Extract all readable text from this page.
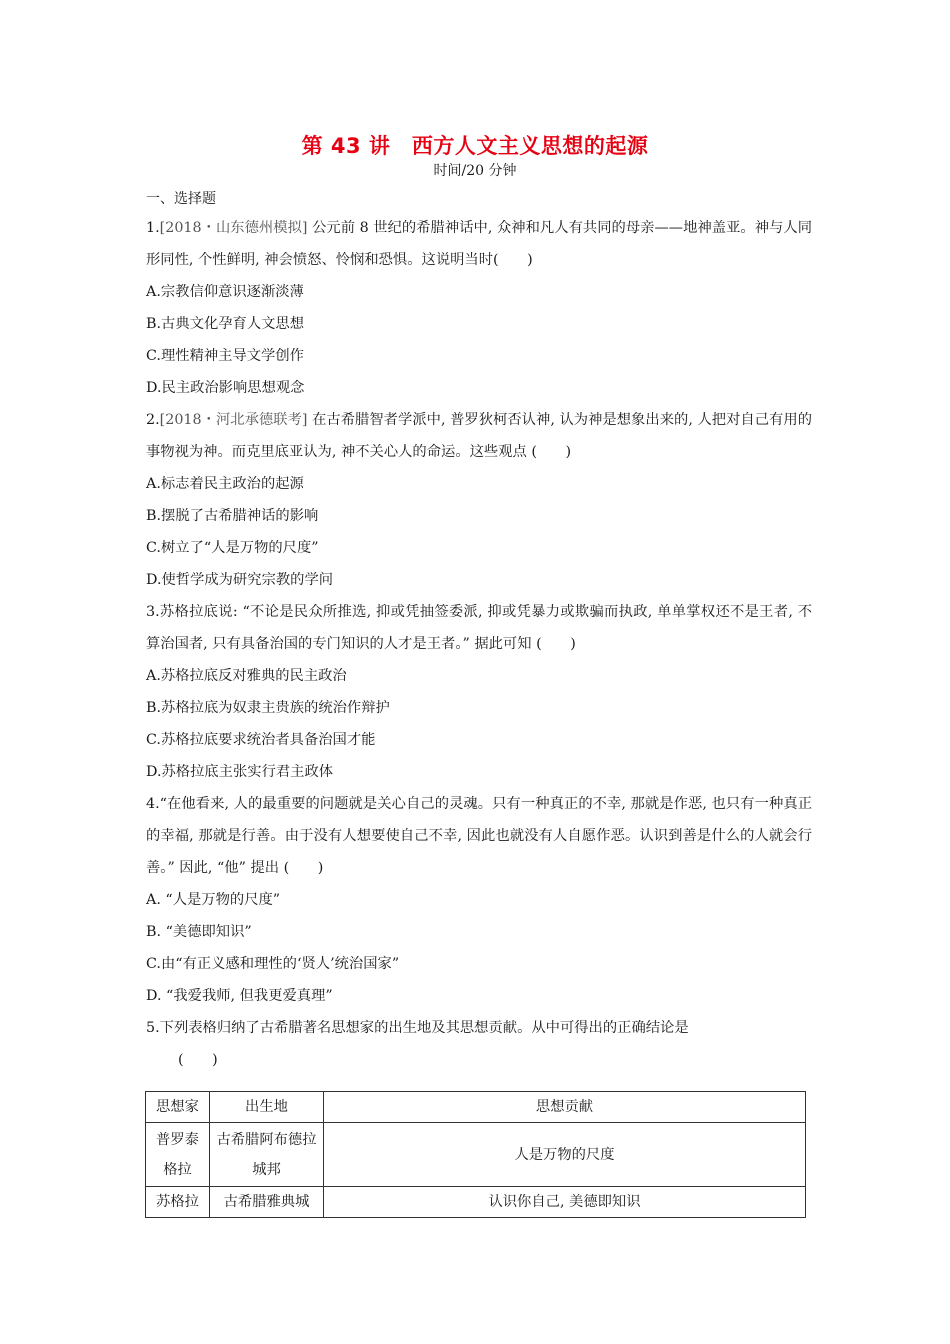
第 43 讲　西方人文主义思想的起源
时间/20 分钟
一、选择题

1.[2018・山东德州模拟] 公元前 8 世纪的希腊神话中, 众神和凡人有共同的母亲——地神盖亚。神与人同形同性, 个性鲜明, 神会愤怒、怜悯和恐惧。这说明当时(　　)

A.宗教信仰意识逐渐淡薄

B.古典文化孕育人文思想

C.理性精神主导文学创作

D.民主政治影响思想观念

2.[2018・河北承德联考] 在古希腊智者学派中, 普罗狄柯否认神, 认为神是想象出来的, 人把对自己有用的事物视为神。而克里底亚认为, 神不关心人的命运。这些观点 (　　)

A.标志着民主政治的起源

B.摆脱了古希腊神话的影响

C.树立了“人是万物的尺度”

D.使哲学成为研究宗教的学问

3.苏格拉底说: “不论是民众所推选, 抑或凭抽签委派, 抑或凭暴力或欺骗而执政, 单单掌权还不是王者, 不算治国者, 只有具备治国的专门知识的人才是王者。” 据此可知 (　　)

A.苏格拉底反对雅典的民主政治

B.苏格拉底为奴隶主贵族的统治作辩护

C.苏格拉底要求统治者具备治国才能

D.苏格拉底主张实行君主政体

4.“在他看来, 人的最重要的问题就是关心自己的灵魂。只有一种真正的不幸, 那就是作恶, 也只有一种真正的幸福, 那就是行善。由于没有人想要使自己不幸, 因此也就没有人自愿作恶。认识到善是什么的人就会行善。” 因此, “他” 提出 (　　)

A. “人是万物的尺度”

B. “美德即知识”

C.由“有正义感和理性的‘贤人’统治国家”

D. “我爱我师, 但我更爱真理”

5.下列表格归纳了古希腊著名思想家的出生地及其思想贡献。从中可得出的正确结论是

(　　)

思想家	出生地	思想贡献
普罗泰格拉	古希腊阿布德拉城邦	人是万物的尺度
苏格拉	古希腊雅典城	认识你自己, 美德即知识
